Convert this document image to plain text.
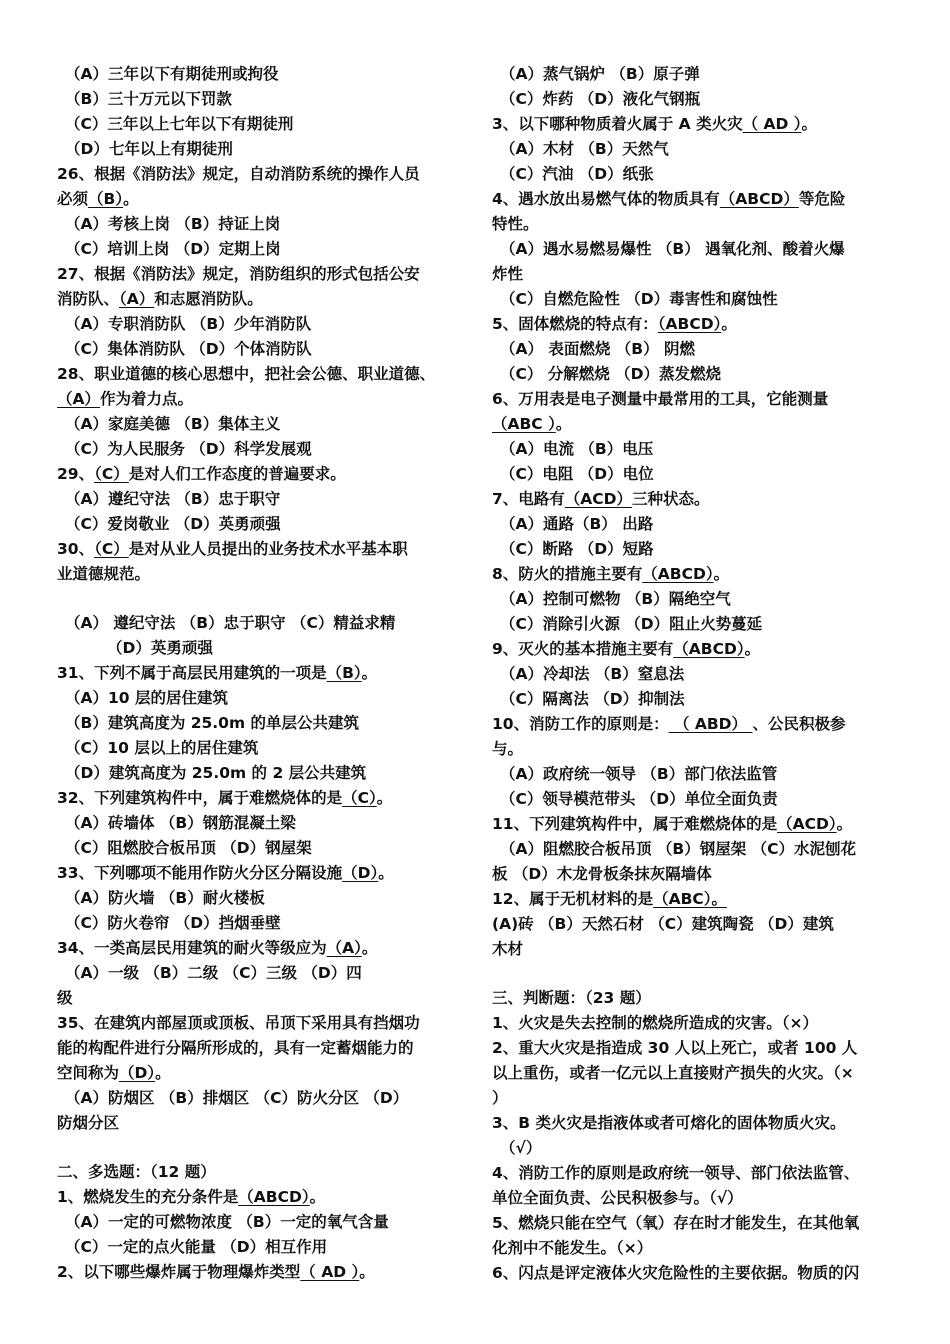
（A）三年以下有期徒刑或拘役
（B）三十万元以下罚款
（C）三年以上七年以下有期徒刑
（D）七年以上有期徒刑
26、根据《消防法》规定，自动消防系统的操作人员
必须（B）。
（A）考核上岗 （B）持证上岗
（C）培训上岗 （D）定期上岗
27、根据《消防法》规定，消防组织的形式包括公安
消防队、（A）和志愿消防队。
（A）专职消防队 （B）少年消防队
（C）集体消防队 （D）个体消防队
28、职业道德的核心思想中，把社会公德、职业道德、
（A）作为着力点。
（A）家庭美德 （B）集体主义
（C）为人民服务 （D）科学发展观
29、（C）是对人们工作态度的普遍要求。
（A）遵纪守法 （B）忠于职守
（C）爱岗敬业 （D）英勇顽强
30、（C）是对从业人员提出的业务技术水平基本职
业道德规范。
（A） 遵纪守法 （B）忠于职守 （C）精益求精
（D）英勇顽强
31、下列不属于高层民用建筑的一项是（B）。
（A）10 层的居住建筑
（B）建筑高度为 25.0m 的单层公共建筑
（C）10 层以上的居住建筑
（D）建筑高度为 25.0m 的 2 层公共建筑
32、下列建筑构件中，属于难燃烧体的是（C）。
（A）砖墙体 （B）钢筋混凝土梁
（C）阻燃胶合板吊顶 （D）钢屋架
33、下列哪项不能用作防火分区分隔设施（D）。
（A）防火墙 （B）耐火楼板
（C）防火卷帘 （D）挡烟垂壁
34、一类高层民用建筑的耐火等级应为（A）。
（A）一级 （B）二级 （C）三级 （D）四
级
35、在建筑内部屋顶或顶板、吊顶下采用具有挡烟功
能的构配件进行分隔所形成的，具有一定蓄烟能力的
空间称为（D）。
（A）防烟区 （B）排烟区 （C）防火分区 （D）
防烟分区
二、多选题：（12 题）
1、燃烧发生的充分条件是（ABCD）。
（A）一定的可燃物浓度 （B）一定的氧气含量
（C）一定的点火能量 （D）相互作用
2、以下哪些爆炸属于物理爆炸类型（ AD ）。
（A）蒸气锅炉 （B）原子弹
（C）炸药 （D）液化气钢瓶
3、以下哪种物质着火属于 A 类火灾（ AD ）。
（A）木材 （B）天然气
（C）汽油 （D）纸张
4、遇水放出易燃气体的物质具有（ABCD）等危险
特性。
（A）遇水易燃易爆性 （B） 遇氧化剂、酸着火爆
炸性
（C）自燃危险性 （D）毒害性和腐蚀性
5、固体燃烧的特点有：（ABCD）。
（A） 表面燃烧 （B） 阴燃
（C） 分解燃烧 （D）蒸发燃烧
6、万用表是电子测量中最常用的工具，它能测量
（ABC ）。
（A）电流 （B）电压
（C）电阻 （D）电位
7、电路有（ACD）三种状态。
（A）通路（B） 出路
（C）断路 （D）短路
8、防火的措施主要有（ABCD）。
（A）控制可燃物 （B）隔绝空气
（C）消除引火源 （D）阻止火势蔓延
9、灭火的基本措施主要有（ABCD）。
（A）冷却法 （B）窒息法
（C）隔离法 （D）抑制法
10、消防工作的原则是： （ ABD） 、公民积极参
与。
（A）政府统一领导 （B）部门依法监管
（C）领导模范带头 （D）单位全面负责
11、下列建筑构件中，属于难燃烧体的是（ACD）。
（A）阻燃胶合板吊顶 （B）钢屋架 （C）水泥刨花
板 （D）木龙骨板条抹灰隔墙体
12、属于无机材料的是（ABC）。
(A)砖 （B）天然石材 （C）建筑陶瓷 （D）建筑
木材
三、判断题：（23 题）
1、火灾是失去控制的燃烧所造成的灾害。（×）
2、重大火灾是指造成 30 人以上死亡，或者 100 人
以上重伤，或者一亿元以上直接财产损失的火灾。（×
）
3、B 类火灾是指液体或者可熔化的固体物质火灾。
（√）
4、消防工作的原则是政府统一领导、部门依法监管、
单位全面负责、公民积极参与。（√）
5、燃烧只能在空气（氧）存在时才能发生，在其他氧
化剂中不能发生。（×）
6、闪点是评定液体火灾危险性的主要依据。物质的闪
